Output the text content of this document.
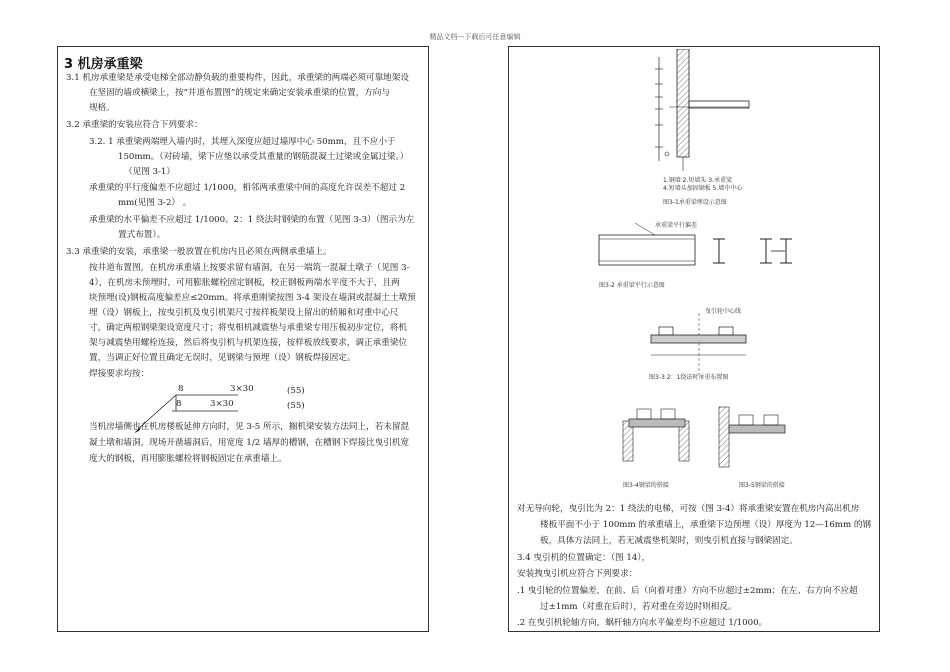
精品文档---下载后可任意编辑
3 机房承重梁
3.1 机房承重梁是承受电梯全部动静负载的重要构件，因此，承重梁的两端必须可靠地架设
在坚固的墙或横梁上，按“井道布置图”的规定来确定安装承重梁的位置，方向与
规格。
3.2 承重梁的安装应符合下列要求：
3.2. 1 承重梁两端埋入墙内时，其埋入深度应超过墙厚中心 50mm，且不应小于
150mm。（对砖墙，梁下应垫以承受其重量的钢筋混凝土过梁或金属过梁。）
（见图 3-1）
承重梁的平行度偏差不应超过 1/1000，相邻两承重梁中间的高度允许误差不超过 2
mm(见图 3-2） 。
承重梁的水平偏差不应超过 1/1000。2：1 绕法时钢梁的布置（见图 3-3）（图示为左
置式布置）。
3.3 承重梁的安装，承重梁一般放置在机房内且必须在两侧承重墙上。
按井道布置图，在机房承重墙上按要求留有墙洞，在另一端筑一混凝土墩子（见图 3-
4），在机房未预埋时，可用膨胀螺栓固定钢板，校正钢板两端水平度不大于，且两
块预埋(设)钢板高度偏差应≤20mm。将承重刚梁按图 3-4 架设在墙洞或混凝土土墩预
埋（设）钢板上，按曳引机及曳引机架尺寸按样板架设上留出的轿厢和对重中心尺
寸，确定两根钢梁架设宽度尺寸；将曳相机减震垫与承重梁专用压板初步定位，将机
架与减震垫用螺栓连接，然后将曳引机与机架连接，按样板放线要求，调正承重梁位
置，当调正好位置且确定无误时，见钢梁与预埋（设）钢板焊接固定。
焊接要求均按：
8	3×30	(55)
8	3×30	(55)
当机房墙侧也在机房楼板延伸方向时，见 3-5 所示，搁机梁安装方法同上，若未留混
凝土墩和墙洞，现场开凿墙洞后，用宽度 1/2 墙厚的槽钢，在槽钢下焊接比曳引机宽
度大的钢板，再用膨胀螺栓将钢板固定在承重墙上。
1.钢墙 2.短墙头 3.承重梁
4.短墙头加固钢板 5.墙中中心
图3-1承重梁埋设示意图
承重梁平行偏差
图3-2 承重梁平行示意图
曳引轮中心线
图3-3 2：1绕法时承重布置图
图3-4钢梁的搭接	图3-5钢梁的搭接
对无导向轮，曳引比为 2：1 绕法的电梯，可按（图 3-4）将承重梁安置在机房内高出机房
楼板平面不小于 100mm 的承重墙上，承重梁下边预埋（设）厚度为 12—16mm 的钢
板，具体方法同上，若无减震垫机架时，则曳引机直接与钢梁固定。
3.4 曳引机的位置确定：（图 14），
安装拽曳引机应符合下列要求：
.1 曳引轮的位置偏差，在前、后（向着对重）方向不应超过±2mm；在左、右方向不应超
过±1mm（对重在后时），若对重在旁边时则相反。
.2 在曳引机轮轴方向，蜗杆轴方向水平偏差均不应超过 1/1000。
